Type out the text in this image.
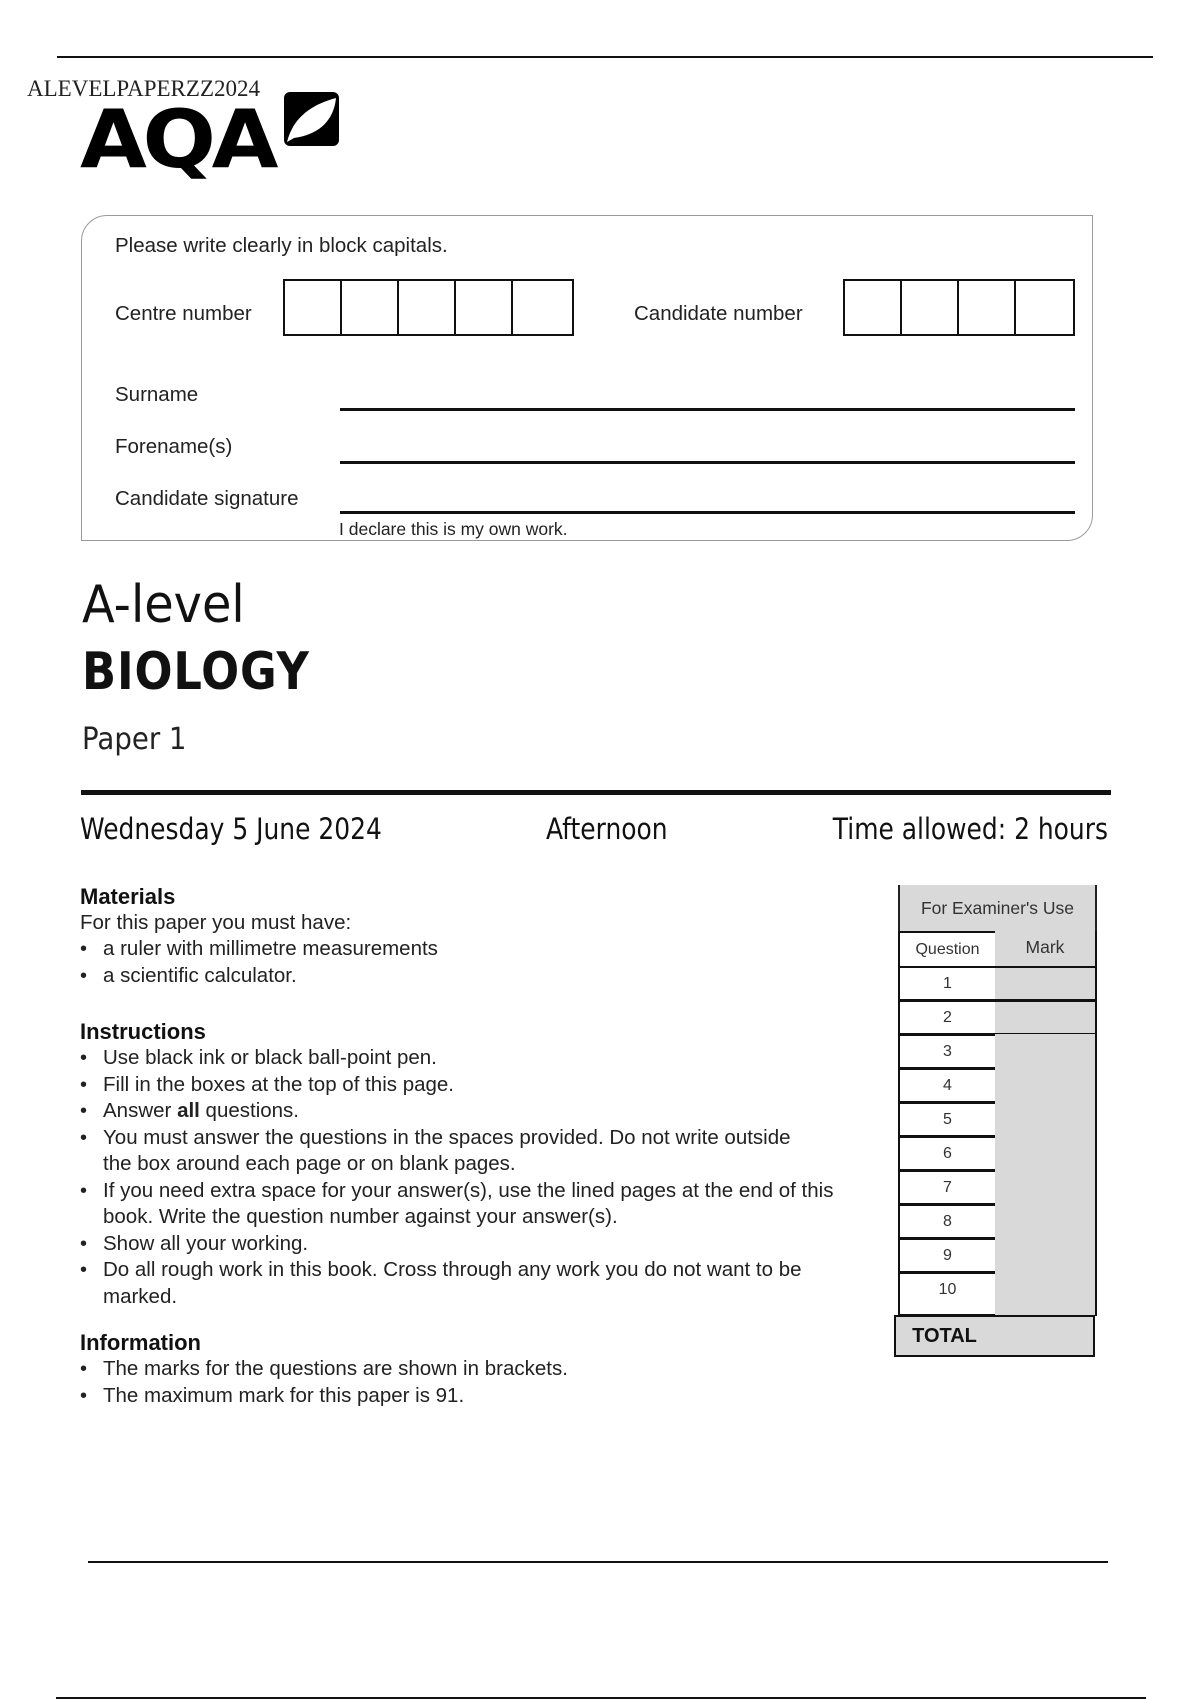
ALEVELPAPERZZ2024
AQA
Please write clearly in block capitals.
Centre number	Candidate number
Surname
Forename(s)
Candidate signature
I declare this is my own work.
A-level
BIOLOGY
Paper 1
Wednesday 5 June 2024	Afternoon	Time allowed: 2 hours
Materials
For this paper you must have:
• a ruler with millimetre measurements
• a scientific calculator.
Instructions
• Use black ink or black ball-point pen.
• Fill in the boxes at the top of this page.
• Answer all questions.
• You must answer the questions in the spaces provided. Do not write outside the box around each page or on blank pages.
• If you need extra space for your answer(s), use the lined pages at the end of this book. Write the question number against your answer(s).
• Show all your working.
• Do all rough work in this book. Cross through any work you do not want to be marked.
Information
• The marks for the questions are shown in brackets.
• The maximum mark for this paper is 91.
For Examiner's Use
Question	Mark
1
2
3
4
5
6
7
8
9
10
TOTAL
